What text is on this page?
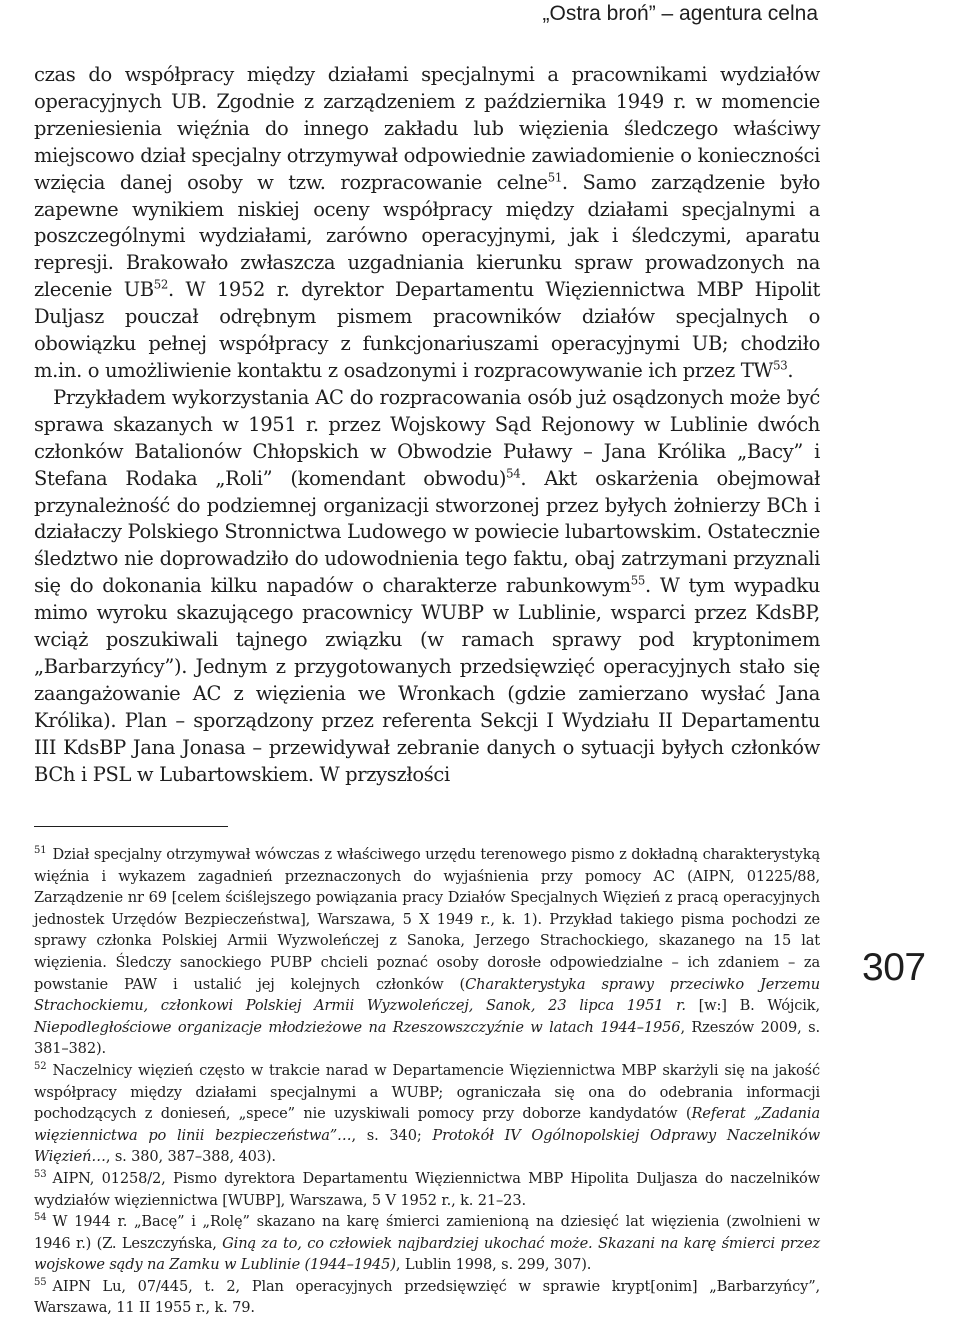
„Ostra broń” – agentura celna

czas do współpracy między działami specjalnymi a pracownikami wydziałów operacyjnych UB. Zgodnie z zarządzeniem z października 1949 r. w momencie przeniesienia więźnia do innego zakładu lub więzienia śledczego właściwy miejscowo dział specjalny otrzymywał odpowiednie zawiadomienie o konieczności wzięcia danej osoby w tzw. rozpracowanie celne$^{51}$. Samo zarządzenie było zapewne wynikiem niskiej oceny współpracy między działami specjalnymi a poszczególnymi wydziałami, zarówno operacyjnymi, jak i śledczymi, aparatu represji. Brakowało zwłaszcza uzgadniania kierunku spraw prowadzonych na zlecenie UB$^{52}$. W 1952 r. dyrektor Departamentu Więziennictwa MBP Hipolit Duljasz pouczał odrębnym pismem pracowników działów specjalnych o obowiązku pełnej współpracy z funkcjonariuszami operacyjnymi UB; chodziło m.in. o umożliwienie kontaktu z osadzonymi i rozpracowywanie ich przez TW$^{53}$.

 Przykładem wykorzystania AC do rozpracowania osób już osądzonych może być sprawa skazanych w 1951 r. przez Wojskowy Sąd Rejonowy w Lublinie dwóch członków Batalionów Chłopskich w Obwodzie Puławy – Jana Królika „Bacy” i Stefana Rodaka „Roli” (komendant obwodu)$^{54}$. Akt oskarżenia obejmował przynależność do podziemnej organizacji stworzonej przez byłych żołnierzy BCh i działaczy Polskiego Stronnictwa Ludowego w powiecie lubartowskim. Ostatecznie śledztwo nie doprowadziło do udowodnienia tego faktu, obaj zatrzymani przyznali się do dokonania kilku napadów o charakterze rabunkowym$^{55}$. W tym wypadku mimo wyroku skazującego pracownicy WUBP w Lublinie, wsparci przez KdsBP, wciąż poszukiwali tajnego związku (w ramach sprawy pod kryptonimem „Barbarzyńcy”). Jednym z przygotowanych przedsięwzięć operacyjnych stało się zaangażowanie AC z więzienia we Wronkach (gdzie zamierzano wysłać Jana Królika). Plan – sporządzony przez referenta Sekcji I Wydziału II Departamentu III KdsBP Jana Jonasa – przewidywał zebranie danych o sytuacji byłych członków BCh i PSL w Lubartowskiem. W przyszłości

$^{51}$ Dział specjalny otrzymywał wówczas z właściwego urzędu terenowego pismo z dokładną charakterystyką więźnia i wykazem zagadnień przeznaczonych do wyjaśnienia przy pomocy AC (AIPN, 01225/88, Zarządzenie nr 69 [celem ściślejszego powiązania pracy Działów Specjalnych Więzień z pracą operacyjnych jednostek Urzędów Bezpieczeństwa], Warszawa, 5 X 1949 r., k. 1). Przykład takiego pisma pochodzi ze sprawy członka Polskiej Armii Wyzwoleńczej z Sanoka, Jerzego Strachockiego, skazanego na 15 lat więzienia. Śledczy sanockiego PUBP chcieli poznać osoby dorosłe odpowiedzialne – ich zdaniem – za powstanie PAW i ustalić jej kolejnych członków (Charakterystyka sprawy przeciwko Jerzemu Strachockiemu, członkowi Polskiej Armii Wyzwoleńczej, Sanok, 23 lipca 1951 r. [w:] B. Wójcik, Niepodległościowe organizacje młodzieżowe na Rzeszowszczyźnie w latach 1944–1956, Rzeszów 2009, s. 381–382).

$^{52}$ Naczelnicy więzień często w trakcie narad w Departamencie Więziennictwa MBP skarżyli się na jakość współpracy między działami specjalnymi a WUBP; ograniczała się ona do odebrania informacji pochodzących z donieseń, „spece” nie uzyskiwali pomocy przy doborze kandydatów (Referat „Zadania więziennictwa po linii bezpieczeństwa”…, s. 340; Protokół IV Ogólnopolskiej Odprawy Naczelników Więzień…, s. 380, 387–388, 403).

$^{53}$ AIPN, 01258/2, Pismo dyrektora Departamentu Więziennictwa MBP Hipolita Duljasza do naczelników wydziałów więziennictwa [WUBP], Warszawa, 5 V 1952 r., k. 21–23.

$^{54}$ W 1944 r. „Bacę” i „Rolę” skazano na karę śmierci zamienioną na dziesięć lat więzienia (zwolnieni w 1946 r.) (Z. Leszczyńska, Giną za to, co człowiek najbardziej ukochać może. Skazani na karę śmierci przez wojskowe sądy na Zamku w Lublinie (1944–1945), Lublin 1998, s. 299, 307).

$^{55}$ AIPN Lu, 07/445, t. 2, Plan operacyjnych przedsięwzięć w sprawie krypt[onim] „Barbarzyńcy”, Warszawa, 11 II 1955 r., k. 79.

307
